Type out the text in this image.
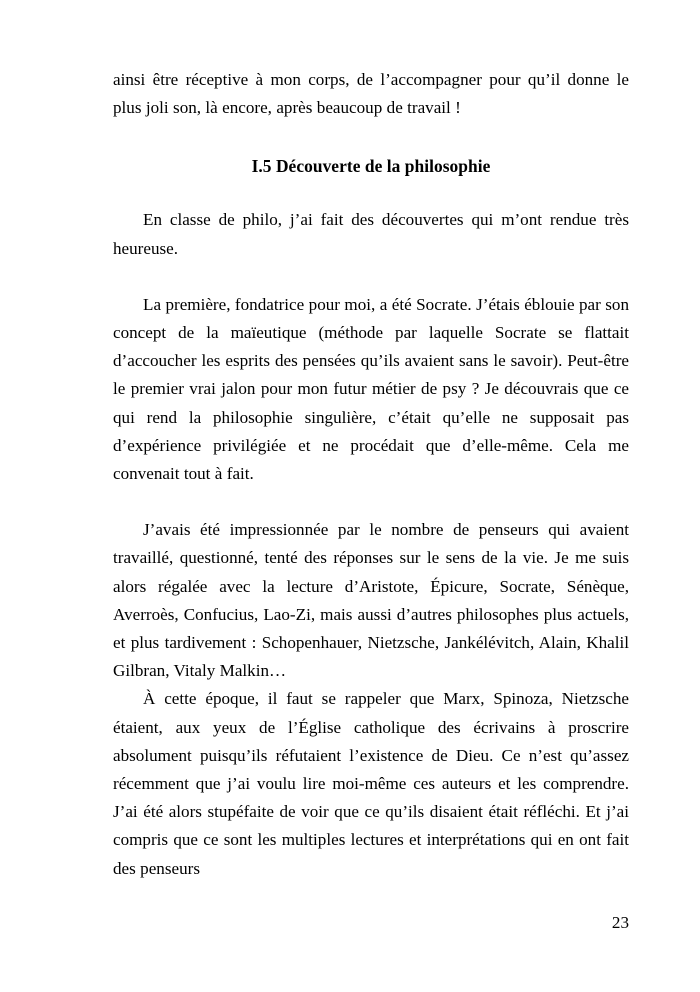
ainsi être réceptive à mon corps, de l’accompagner pour qu’il donne le plus joli son, là encore, après beaucoup de travail !

I.5 Découverte de la philosophie

En classe de philo, j’ai fait des découvertes qui m’ont rendue très heureuse.

La première, fondatrice pour moi, a été Socrate. J’étais éblouie par son concept de la maïeutique (méthode par laquelle Socrate se flattait d’accoucher les esprits des pensées qu’ils avaient sans le savoir). Peut-être le premier vrai jalon pour mon futur métier de psy ? Je découvrais que ce qui rend la philosophie singulière, c’était qu’elle ne supposait pas d’expérience privilégiée et ne procédait que d’elle-même. Cela me convenait tout à fait.

J’avais été impressionnée par le nombre de penseurs qui avaient travaillé, questionné, tenté des réponses sur le sens de la vie. Je me suis alors régalée avec la lecture d’Aristote, Épicure, Socrate, Sénèque, Averroès, Confucius, Lao-Zi, mais aussi d’autres philosophes plus actuels, et plus tardivement : Schopenhauer, Nietzsche, Jankélévitch, Alain, Khalil Gilbran, Vitaly Malkin…

À cette époque, il faut se rappeler que Marx, Spinoza, Nietzsche étaient, aux yeux de l’Église catholique des écrivains à proscrire absolument puisqu’ils réfutaient l’existence de Dieu. Ce n’est qu’assez récemment que j’ai voulu lire moi-même ces auteurs et les comprendre. J’ai été alors stupéfaite de voir que ce qu’ils disaient était réfléchi. Et j’ai compris que ce sont les multiples lectures et interprétations qui en ont fait des penseurs

23
